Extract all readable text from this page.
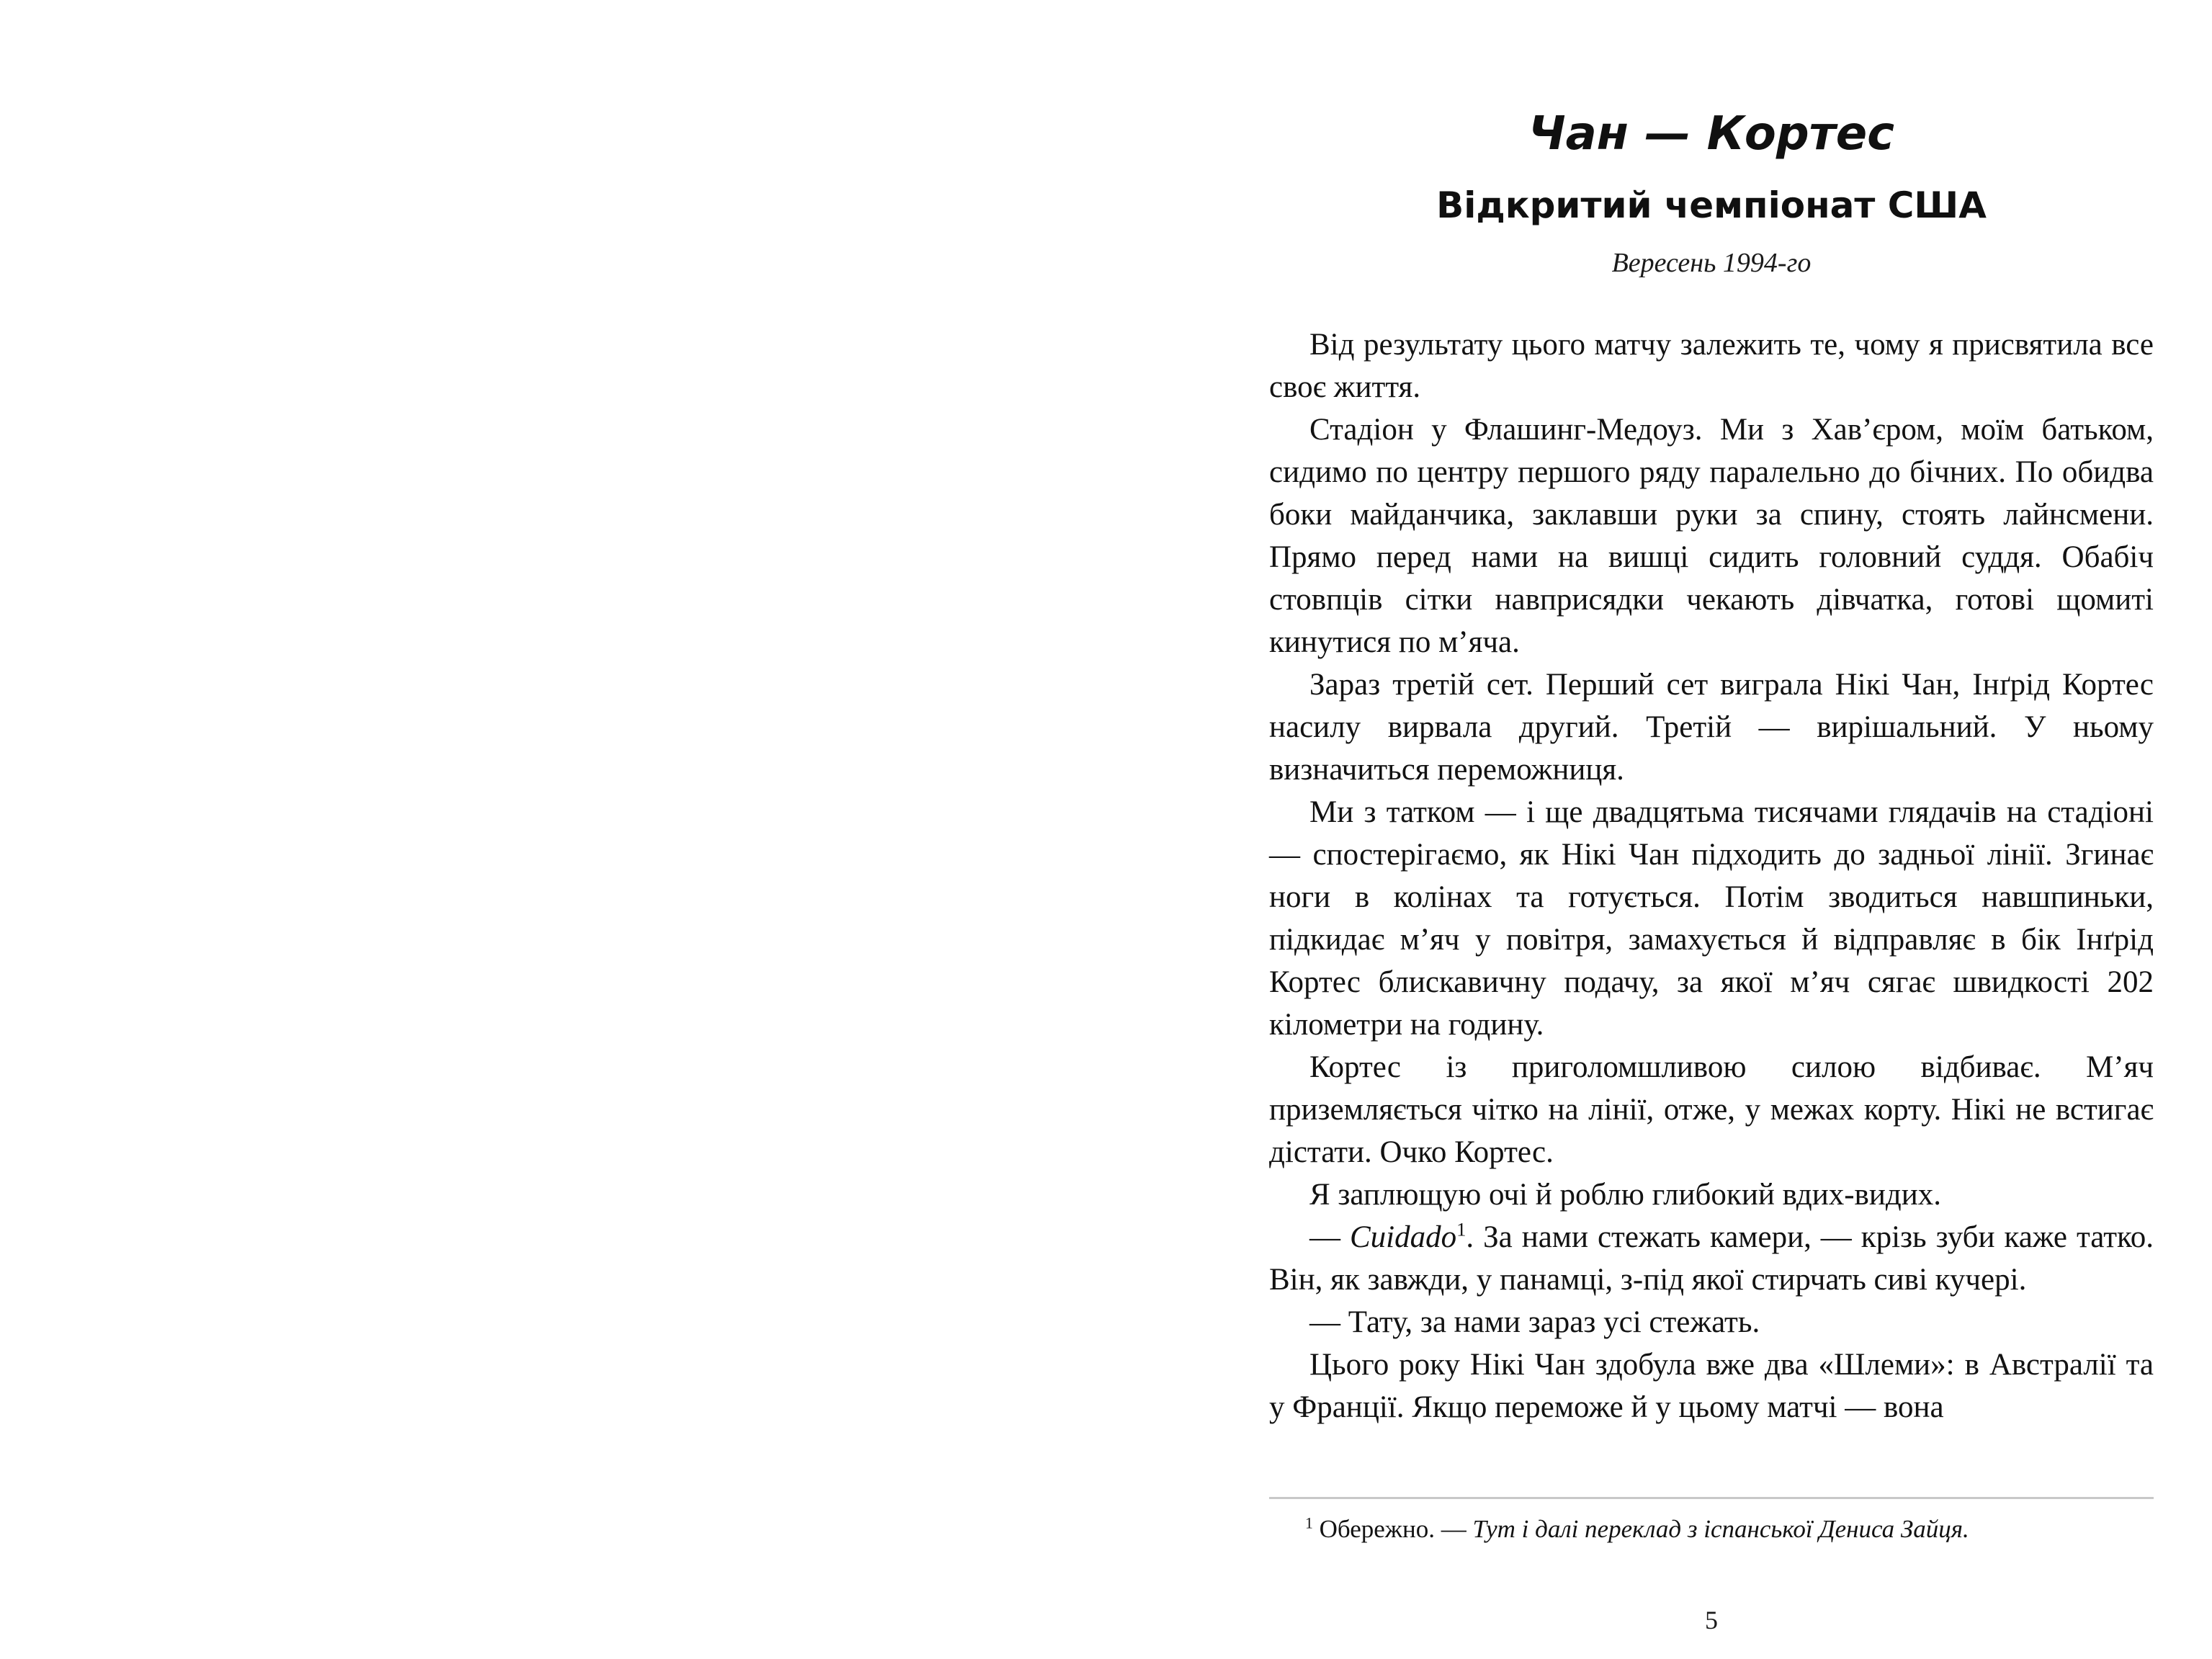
Чан — Кортес
Відкритий чемпіонат США

Вересень 1994-го

Від результату цього матчу залежить те, чому я присвятила все своє життя.

Стадіон у Флашинг-Медоуз. Ми з Хав’єром, моїм батьком, сидимо по центру першого ряду паралельно до бічних. По обидва боки майданчика, заклавши руки за спину, стоять лайнсмени. Прямо перед нами на вишці сидить головний суддя. Обабіч стовпців сітки навприсядки чекають дівчатка, готові щомиті кинутися по м’яча.

Зараз третій сет. Перший сет виграла Нікі Чан, Інґрід Кортес насилу вирвала другий. Третій — вирішальний. У ньому визначиться переможниця.

Ми з татком — і ще двадцятьма тисячами глядачів на стадіоні — спостерігаємо, як Нікі Чан підходить до задньої лінії. Згинає ноги в колінах та готується. Потім зводиться навшпиньки, підкидає м’яч у повітря, замахується й відправляє в бік Інґрід Кортес блискавичну подачу, за якої м’яч сягає швидкості 202 кілометри на годину.

Кортес із приголомшливою силою відбиває. М’яч приземляється чітко на лінії, отже, у межах корту. Нікі не встигає дістати. Очко Кортес.

Я заплющую очі й роблю глибокий вдих-видих.

— Cuidado$^1$. За нами стежать камери, — крізь зуби каже татко. Він, як завжди, у панамці, з-під якої стирчать сиві кучері.

— Тату, за нами зараз усі стежать.

Цього року Нікі Чан здобула вже два «Шлеми»: в Австралії та у Франції. Якщо переможе й у цьому матчі — вона

$^1$ Обережно. — Тут і далі переклад з іспанської Дениса Зайця.

5
